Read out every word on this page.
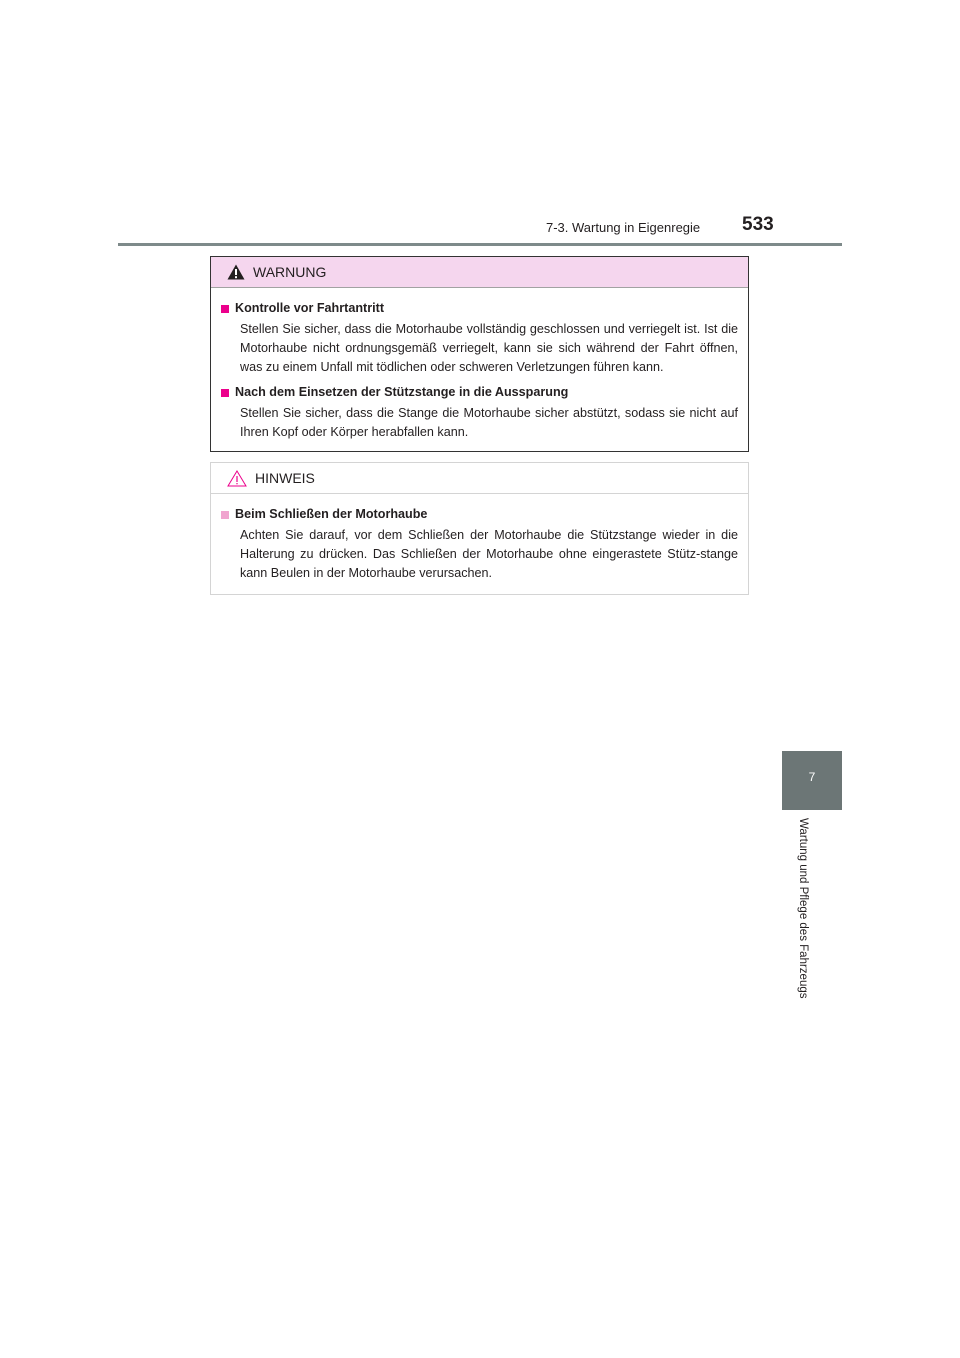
7-3. Wartung in Eigenregie 533
7
Wartung und Pflege des Fahrzeugs
WARNUNG
Kontrolle vor Fahrtantritt

Stellen Sie sicher, dass die Motorhaube vollständig geschlossen und verriegelt ist. Ist die Motorhaube nicht ordnungsgemäß verriegelt, kann sie sich während der Fahrt öffnen, was zu einem Unfall mit tödlichen oder schweren Verletzungen führen kann.

Nach dem Einsetzen der Stützstange in die Aussparung

Stellen Sie sicher, dass die Stange die Motorhaube sicher abstützt, sodass sie nicht auf Ihren Kopf oder Körper herabfallen kann.

HINWEIS
Beim Schließen der Motorhaube

Achten Sie darauf, vor dem Schließen der Motorhaube die Stützstange wieder in die Halterung zu drücken. Das Schließen der Motorhaube ohne eingerastete Stütz-stange kann Beulen in der Motorhaube verursachen.
